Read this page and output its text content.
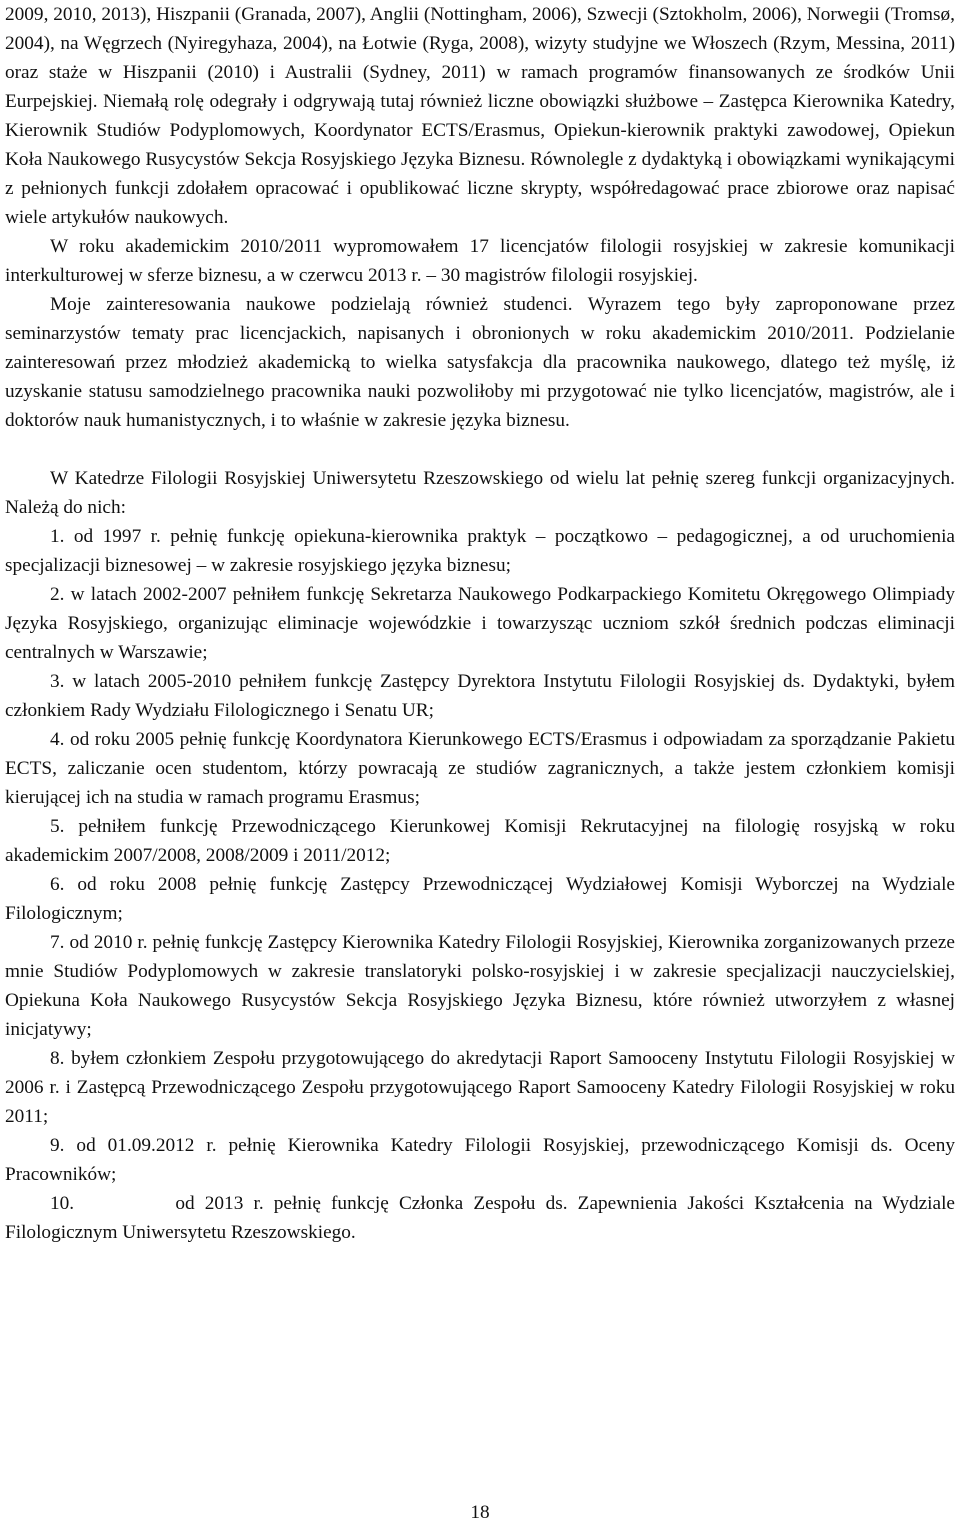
2009, 2010, 2013), Hiszpanii (Granada, 2007), Anglii (Nottingham, 2006), Szwecji (Sztokholm, 2006), Norwegii (Tromsø, 2004), na Węgrzech (Nyiregyhaza, 2004), na Łotwie (Ryga, 2008), wizyty studyjne we Włoszech (Rzym, Messina, 2011) oraz staże w Hiszpanii (2010) i Australii (Sydney, 2011) w ramach programów finansowanych ze środków Unii Eurpejskiej. Niemałą rolę odegrały i odgrywają tutaj również liczne obowiązki służbowe – Zastępca Kierownika Katedry, Kierownik Studiów Podyplomowych, Koordynator ECTS/Erasmus, Opiekun-kierownik praktyki zawodowej, Opiekun Koła Naukowego Rusycystów Sekcja Rosyjskiego Języka Biznesu. Równolegle z dydaktyką i obowiązkami wynikającymi z pełnionych funkcji zdołałem opracować i opublikować liczne skrypty, współredagować prace zbiorowe oraz napisać wiele artykułów naukowych.

W roku akademickim 2010/2011 wypromowałem 17 licencjatów filologii rosyjskiej w zakresie komunikacji interkulturowej w sferze biznesu, a w czerwcu 2013 r. – 30 magistrów filologii rosyjskiej.

Moje zainteresowania naukowe podzielają również studenci. Wyrazem tego były zaproponowane przez seminarzystów tematy prac licencjackich, napisanych i obronionych w roku akademickim 2010/2011. Podzielanie zainteresowań przez młodzież akademicką to wielka satysfakcja dla pracownika naukowego, dlatego też myślę, iż uzyskanie statusu samodzielnego pracownika nauki pozwoliłoby mi przygotować nie tylko licencjatów, magistrów, ale i doktorów nauk humanistycznych, i to właśnie w zakresie języka biznesu.

W Katedrze Filologii Rosyjskiej Uniwersytetu Rzeszowskiego od wielu lat pełnię szereg funkcji organizacyjnych. Należą do nich:

1. od 1997 r. pełnię funkcję opiekuna-kierownika praktyk – początkowo – pedagogicznej, a od uruchomienia specjalizacji biznesowej – w zakresie rosyjskiego języka biznesu;

2. w latach 2002-2007 pełniłem funkcję Sekretarza Naukowego Podkarpackiego Komitetu Okręgowego Olimpiady Języka Rosyjskiego, organizując eliminacje wojewódzkie i towarzysząc uczniom szkół średnich podczas eliminacji centralnych w Warszawie;

3. w latach 2005-2010 pełniłem funkcję Zastępcy Dyrektora Instytutu Filologii Rosyjskiej ds. Dydaktyki, byłem członkiem Rady Wydziału Filologicznego i Senatu UR;

4. od roku 2005 pełnię funkcję Koordynatora Kierunkowego ECTS/Erasmus i odpowiadam za sporządzanie Pakietu ECTS, zaliczanie ocen studentom, którzy powracają ze studiów zagranicznych, a także jestem członkiem komisji kierującej ich na studia w ramach programu Erasmus;

5. pełniłem funkcję Przewodniczącego Kierunkowej Komisji Rekrutacyjnej na filologię rosyjską w roku akademickim 2007/2008, 2008/2009 i 2011/2012;

6. od roku 2008 pełnię funkcję Zastępcy Przewodniczącej Wydziałowej Komisji Wyborczej na Wydziale Filologicznym;

7. od 2010 r. pełnię funkcję Zastępcy Kierownika Katedry Filologii Rosyjskiej, Kierownika zorganizowanych przeze mnie Studiów Podyplomowych w zakresie translatoryki polsko-rosyjskiej i w zakresie specjalizacji nauczycielskiej, Opiekuna Koła Naukowego Rusycystów Sekcja Rosyjskiego Języka Biznesu, które również utworzyłem z własnej inicjatywy;

8. byłem członkiem Zespołu przygotowującego do akredytacji Raport Samooceny Instytutu Filologii Rosyjskiej w 2006 r. i Zastępcą Przewodniczącego Zespołu przygotowującego Raport Samooceny Katedry Filologii Rosyjskiej w roku 2011;

9. od 01.09.2012 r. pełnię Kierownika Katedry Filologii Rosyjskiej, przewodniczącego Komisji ds. Oceny Pracowników;

10.          od 2013 r. pełnię funkcję Członka Zespołu ds. Zapewnienia Jakości Kształcenia na Wydziale Filologicznym Uniwersytetu Rzeszowskiego.

18
